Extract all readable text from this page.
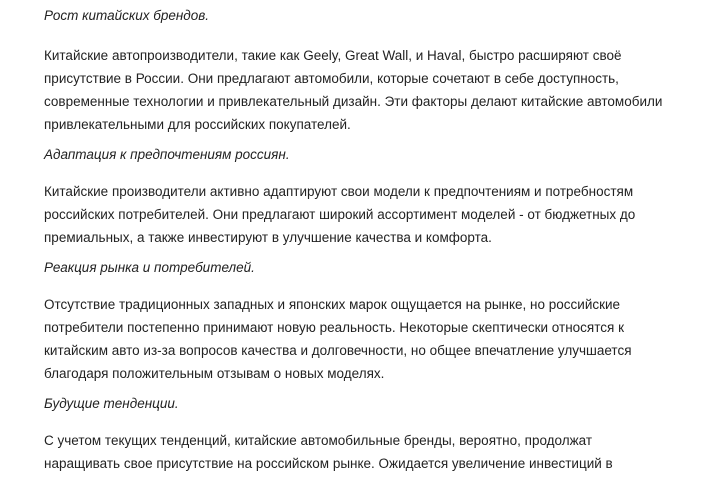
Рост китайских брендов.

Китайские автопроизводители, такие как Geely, Great Wall, и Haval, быстро расширяют своё
присутствие в России. Они предлагают автомобили, которые сочетают в себе доступность,
современные технологии и привлекательный дизайн. Эти факторы делают китайские автомобили
привлекательными для российских покупателей.

Адаптация к предпочтениям россиян.

Китайские производители активно адаптируют свои модели к предпочтениям и потребностям
российских потребителей. Они предлагают широкий ассортимент моделей - от бюджетных до
премиальных, а также инвестируют в улучшение качества и комфорта.

Реакция рынка и потребителей.

Отсутствие традиционных западных и японских марок ощущается на рынке, но российские
потребители постепенно принимают новую реальность. Некоторые скептически относятся к
китайским авто из-за вопросов качества и долговечности, но общее впечатление улучшается
благодаря положительным отзывам о новых моделях.

Будущие тенденции.

С учетом текущих тенденций, китайские автомобильные бренды, вероятно, продолжат
наращивать свое присутствие на российском рынке. Ожидается увеличение инвестиций в
